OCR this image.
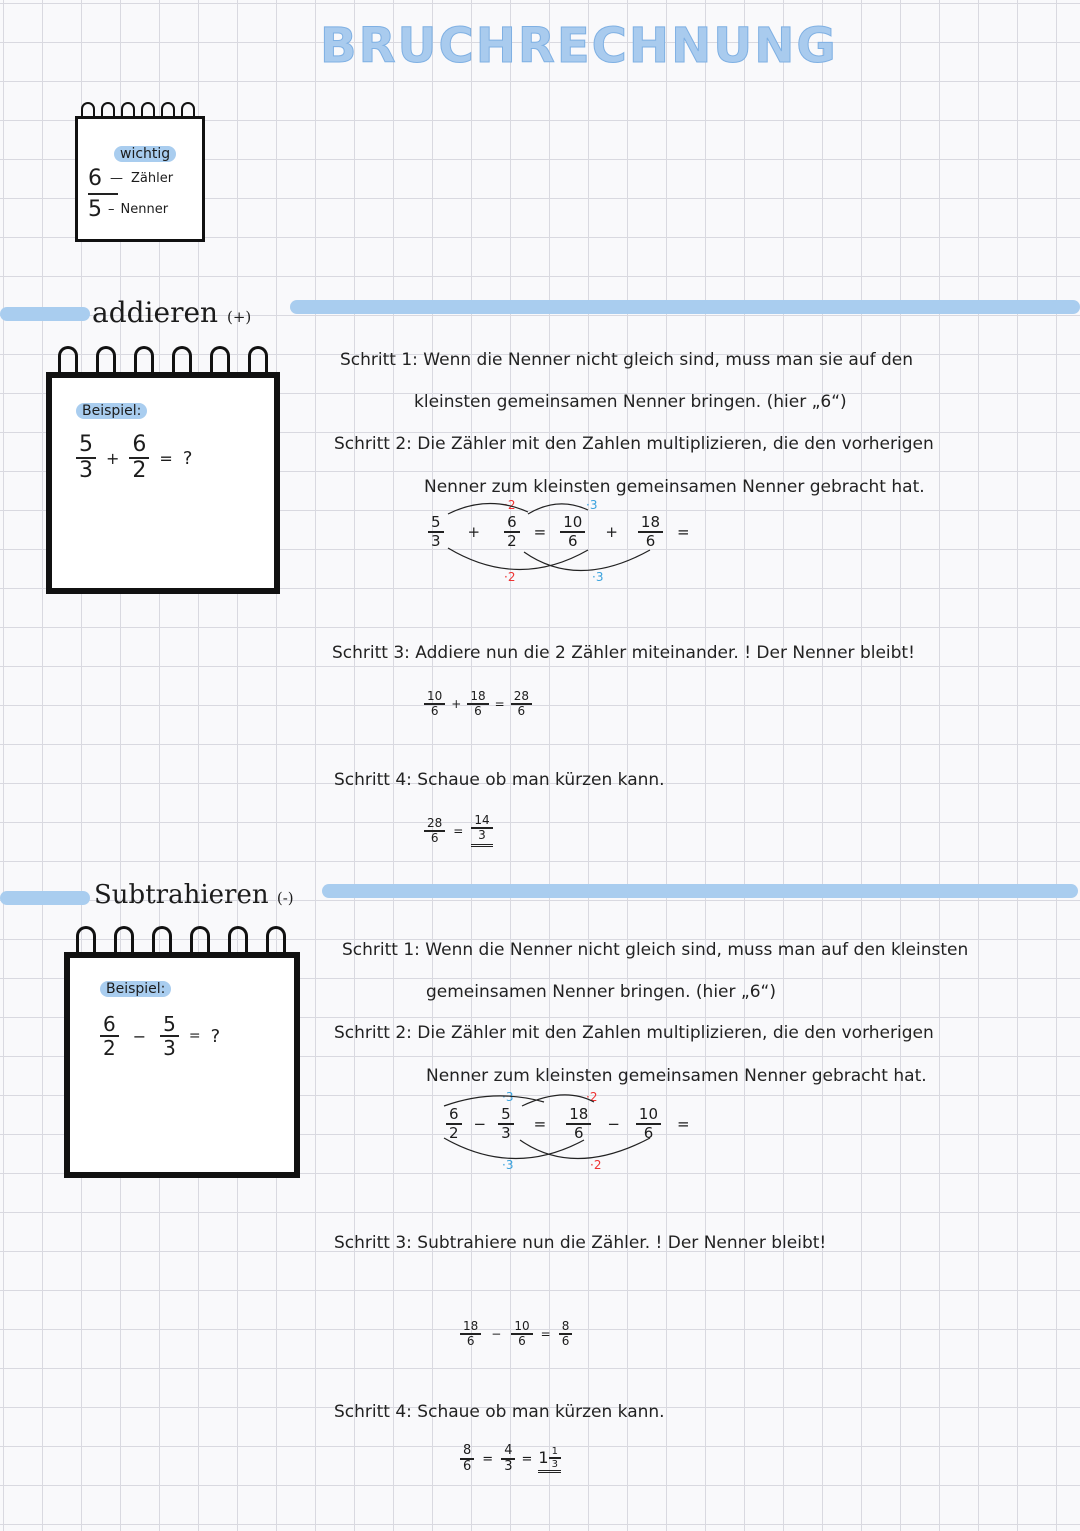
BRUCHRECHNUNG
wichtig
6 — Zähler
5 – Nenner
addieren (+)
Beispiel:
$\frac{5}{3} + \frac{6}{2}$ = ?
Schritt 1: Wenn die Nenner nicht gleich sind, muss man sie auf den
kleinsten gemeinsamen Nenner bringen. (hier „6“)
Schritt 2: Die Zähler mit den Zahlen multiplizieren, die den vorherigen
Nenner zum kleinsten gemeinsamen Nenner gebracht hat.
$\frac{5}{3} + \frac{6}{2} = \frac{10}{6} + \frac{18}{6}$ =
·2	·3
·2	·3
Schritt 3: Addiere nun die 2 Zähler miteinander. ! Der Nenner bleibt!
$\frac{10}{6} + \frac{18}{6} = \frac{28}{6}$
Schritt 4: Schaue ob man kürzen kann.
$\frac{28}{6} = \frac{14}{3}$
Subtrahieren (-)
Beispiel:
$\frac{6}{2} - \frac{5}{3}$ = ?
Schritt 1: Wenn die Nenner nicht gleich sind, muss man auf den kleinsten
gemeinsamen Nenner bringen. (hier „6“)
Schritt 2: Die Zähler mit den Zahlen multiplizieren, die den vorherigen
Nenner zum kleinsten gemeinsamen Nenner gebracht hat.
$\frac{6}{2} - \frac{5}{3} = \frac{18}{6} - \frac{10}{6}$ =
·3	·2
·3	·2
Schritt 3: Subtrahiere nun die Zähler. ! Der Nenner bleibt!
$\frac{18}{6} - \frac{10}{6} = \frac{8}{6}$
Schritt 4: Schaue ob man kürzen kann.
$\frac{8}{6} = \frac{4}{3} = 1 \frac{1}{3}$
